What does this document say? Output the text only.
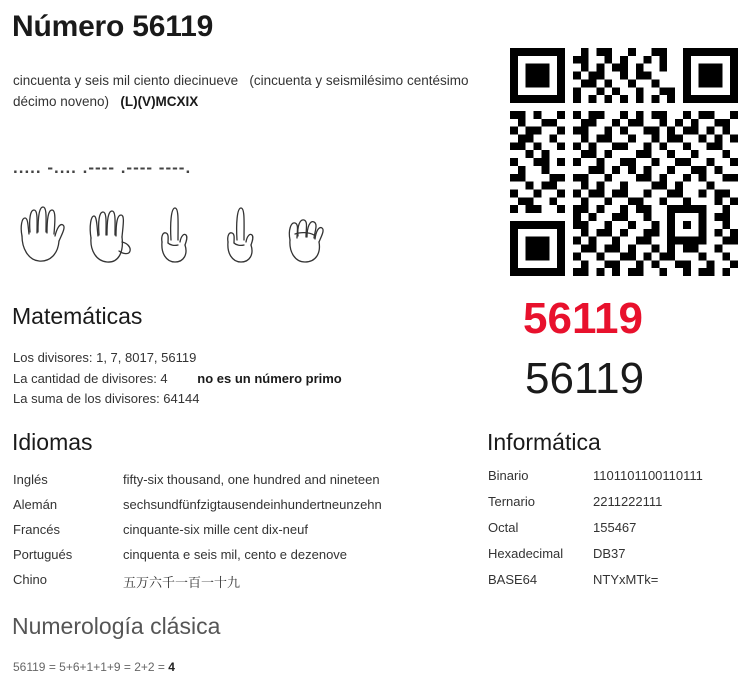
Número 56119
cincuenta y seis mil ciento diecinueve (cincuenta y seismilésimo centésimo décimo noveno) (L)(V)MCXIX
..... -.... .---- .---- ----.
Matemáticas
Los divisores: 1, 7, 8017, 56119
La cantidad de divisores: 4 no es un número primo
La suma de los divisores: 64144
Idiomas
Inglés	fifty-six thousand, one hundred and nineteen
Alemán	sechsundfünfzigtausendeinhundertneunzehn
Francés	cinquante-six mille cent dix-neuf
Portugués	cinquenta e seis mil, cento e dezenove
Chino	五万六千一百一十九
Informática
Binario	1101101100110111
Ternario	2211222111
Octal	155467
Hexadecimal	DB37
BASE64	NTYxMTk=
Numerología clásica
56119 = 5+6+1+1+9 = 2+2 = 4
56119
56119
